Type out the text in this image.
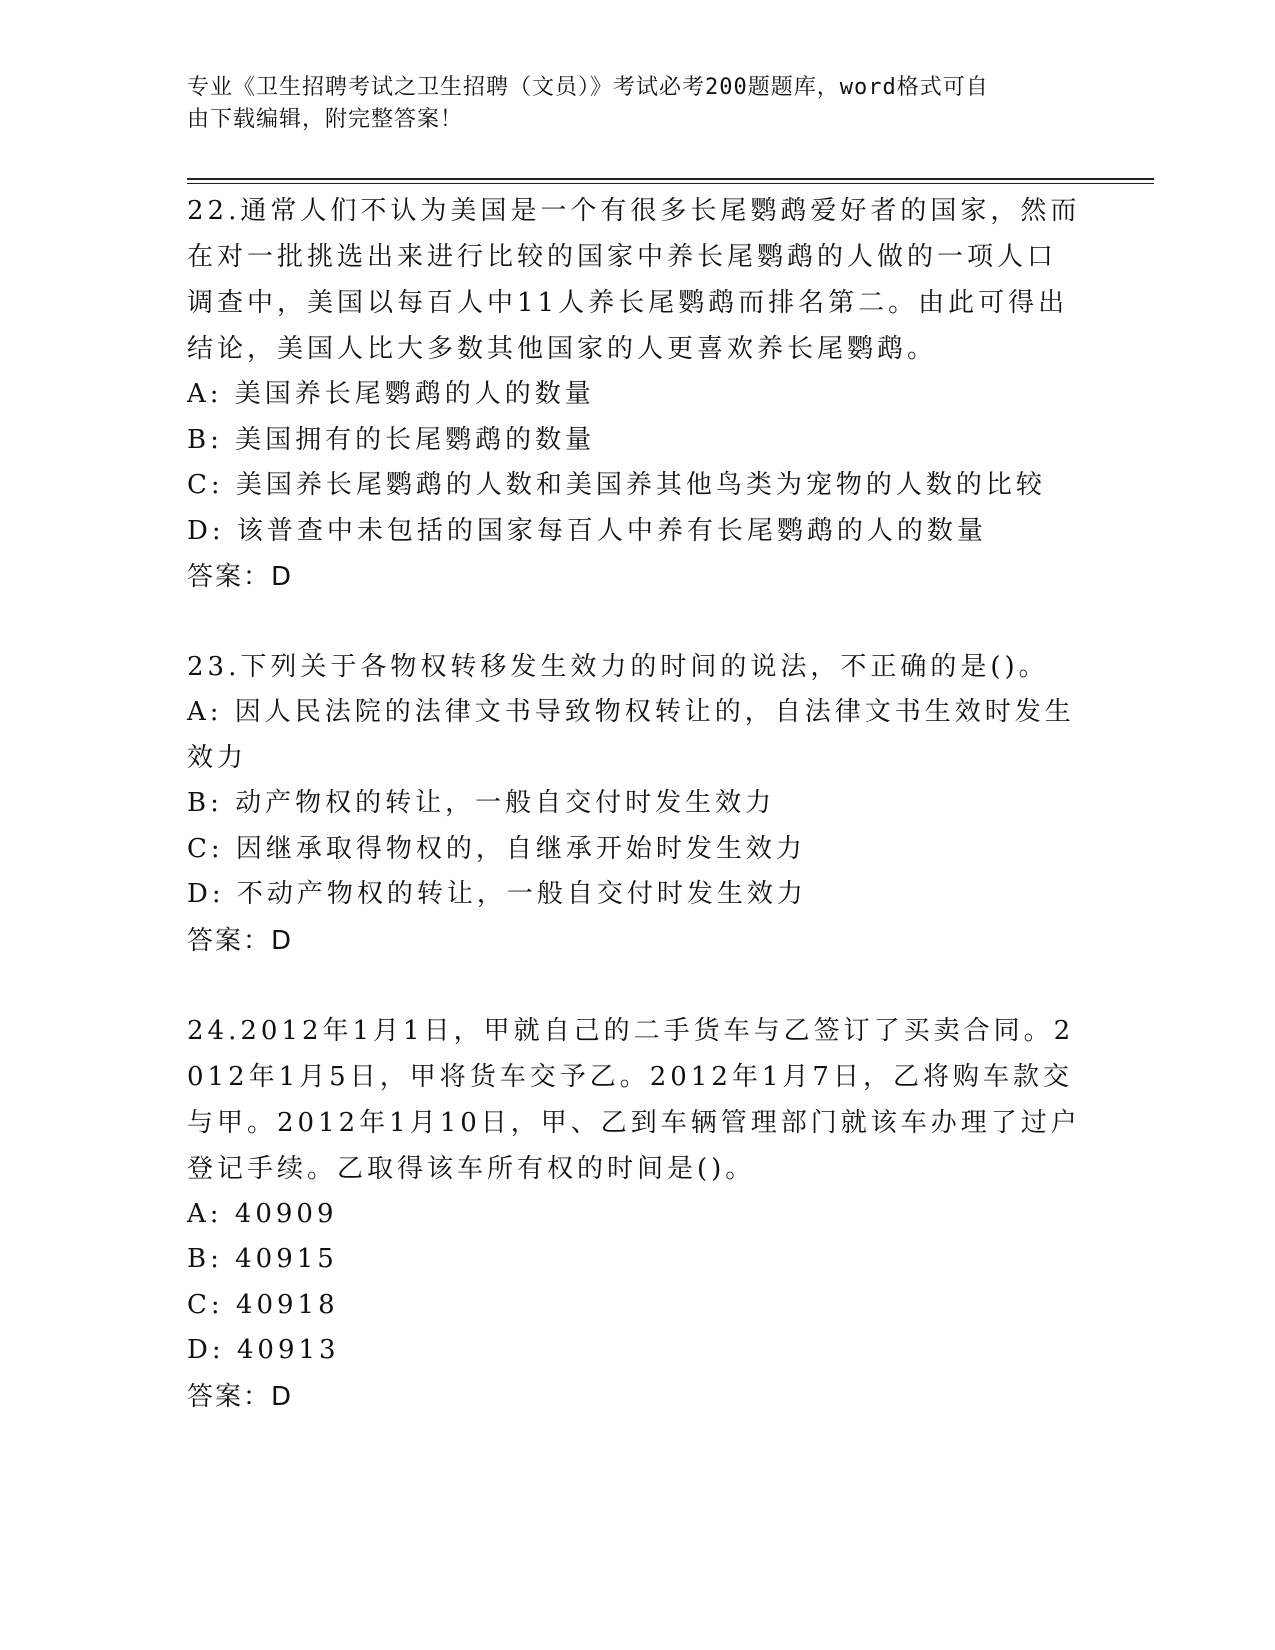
专业《卫生招聘考试之卫生招聘（文员）》考试必考200题题库，word格式可自
由下载编辑，附完整答案！

22.通常人们不认为美国是一个有很多长尾鹦鹉爱好者的国家，然而在对一批挑选出来进行比较的国家中养长尾鹦鹉的人做的一项人口调查中，美国以每百人中11人养长尾鹦鹉而排名第二。由此可得出结论，美国人比大多数其他国家的人更喜欢养长尾鹦鹉。

A: 美国养长尾鹦鹉的人的数量

B: 美国拥有的长尾鹦鹉的数量

C: 美国养长尾鹦鹉的人数和美国养其他鸟类为宠物的人数的比较

D: 该普查中未包括的国家每百人中养有长尾鹦鹉的人的数量

答案：D

23.下列关于各物权转移发生效力的时间的说法，不正确的是()。

A: 因人民法院的法律文书导致物权转让的，自法律文书生效时发生效力

B: 动产物权的转让，一般自交付时发生效力

C: 因继承取得物权的，自继承开始时发生效力

D: 不动产物权的转让，一般自交付时发生效力

答案：D

24.2012年1月1日，甲就自己的二手货车与乙签订了买卖合同。2012年1月5日，甲将货车交予乙。2012年1月7日，乙将购车款交与甲。2012年1月10日，甲、乙到车辆管理部门就该车办理了过户登记手续。乙取得该车所有权的时间是()。

A: 40909

B: 40915

C: 40918

D: 40913

答案：D
